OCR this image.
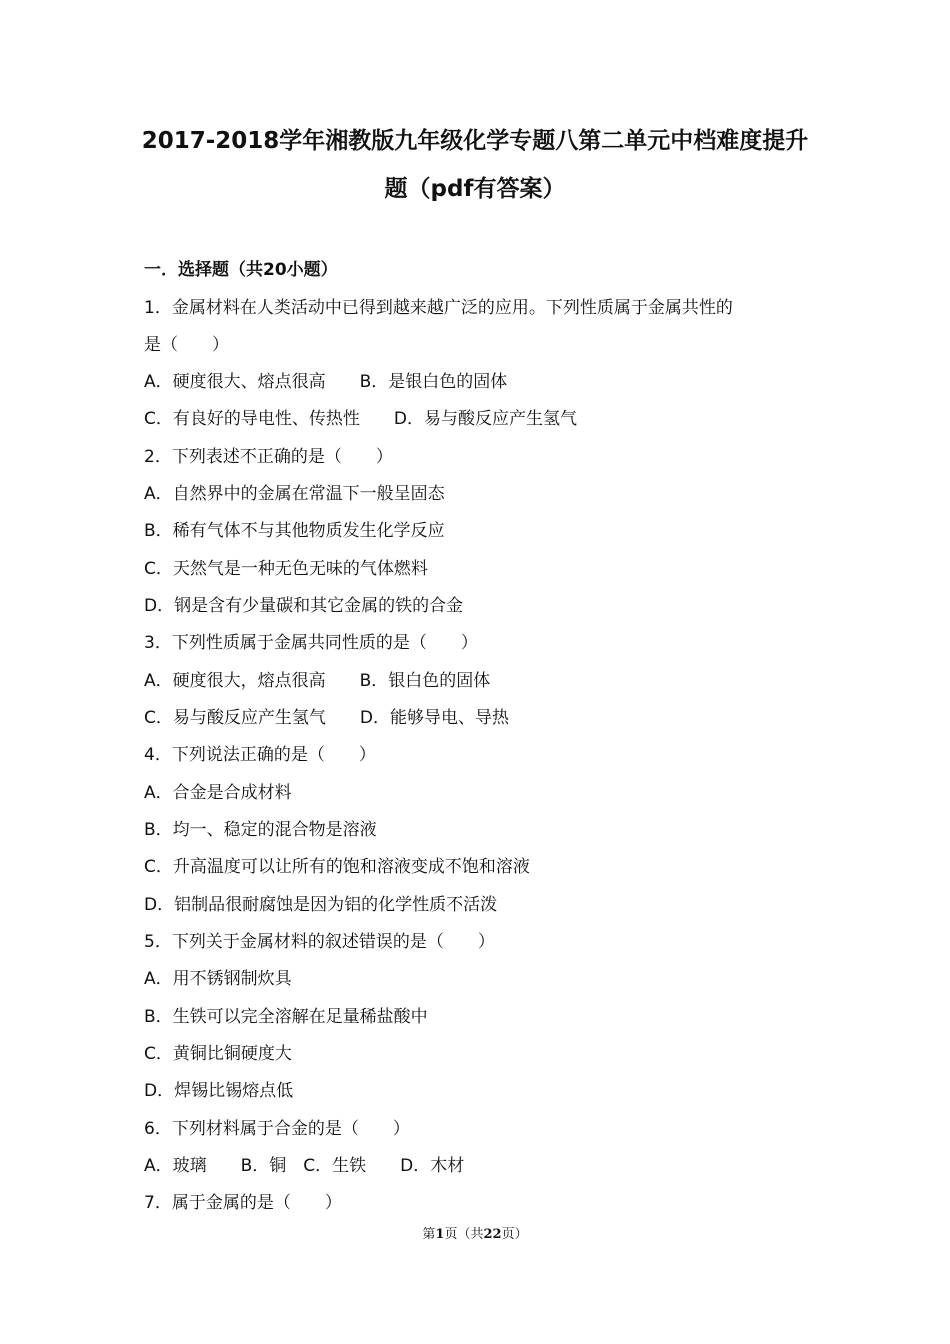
2017-2018学年湘教版九年级化学专题八第二单元中档难度提升
题（pdf有答案）
一．选择题（共20小题）
1．金属材料在人类活动中已得到越来越广泛的应用。下列性质属于金属共性的
是（　　）
A．硬度很大、熔点很高　　B．是银白色的固体
C．有良好的导电性、传热性　　D．易与酸反应产生氢气
2．下列表述不正确的是（　　）
A．自然界中的金属在常温下一般呈固态
B．稀有气体不与其他物质发生化学反应
C．天然气是一种无色无味的气体燃料
D．钢是含有少量碳和其它金属的铁的合金
3．下列性质属于金属共同性质的是（　　）
A．硬度很大，熔点很高　　B．银白色的固体
C．易与酸反应产生氢气　　D．能够导电、导热
4．下列说法正确的是（　　）
A．合金是合成材料
B．均一、稳定的混合物是溶液
C．升高温度可以让所有的饱和溶液变成不饱和溶液
D．铝制品很耐腐蚀是因为铝的化学性质不活泼
5．下列关于金属材料的叙述错误的是（　　）
A．用不锈钢制炊具
B．生铁可以完全溶解在足量稀盐酸中
C．黄铜比铜硬度大
D．焊锡比锡熔点低
6．下列材料属于合金的是（　　）
A．玻璃　　B．铜　C．生铁　　D．木材
7．属于金属的是（　　）
第1页（共22页）
